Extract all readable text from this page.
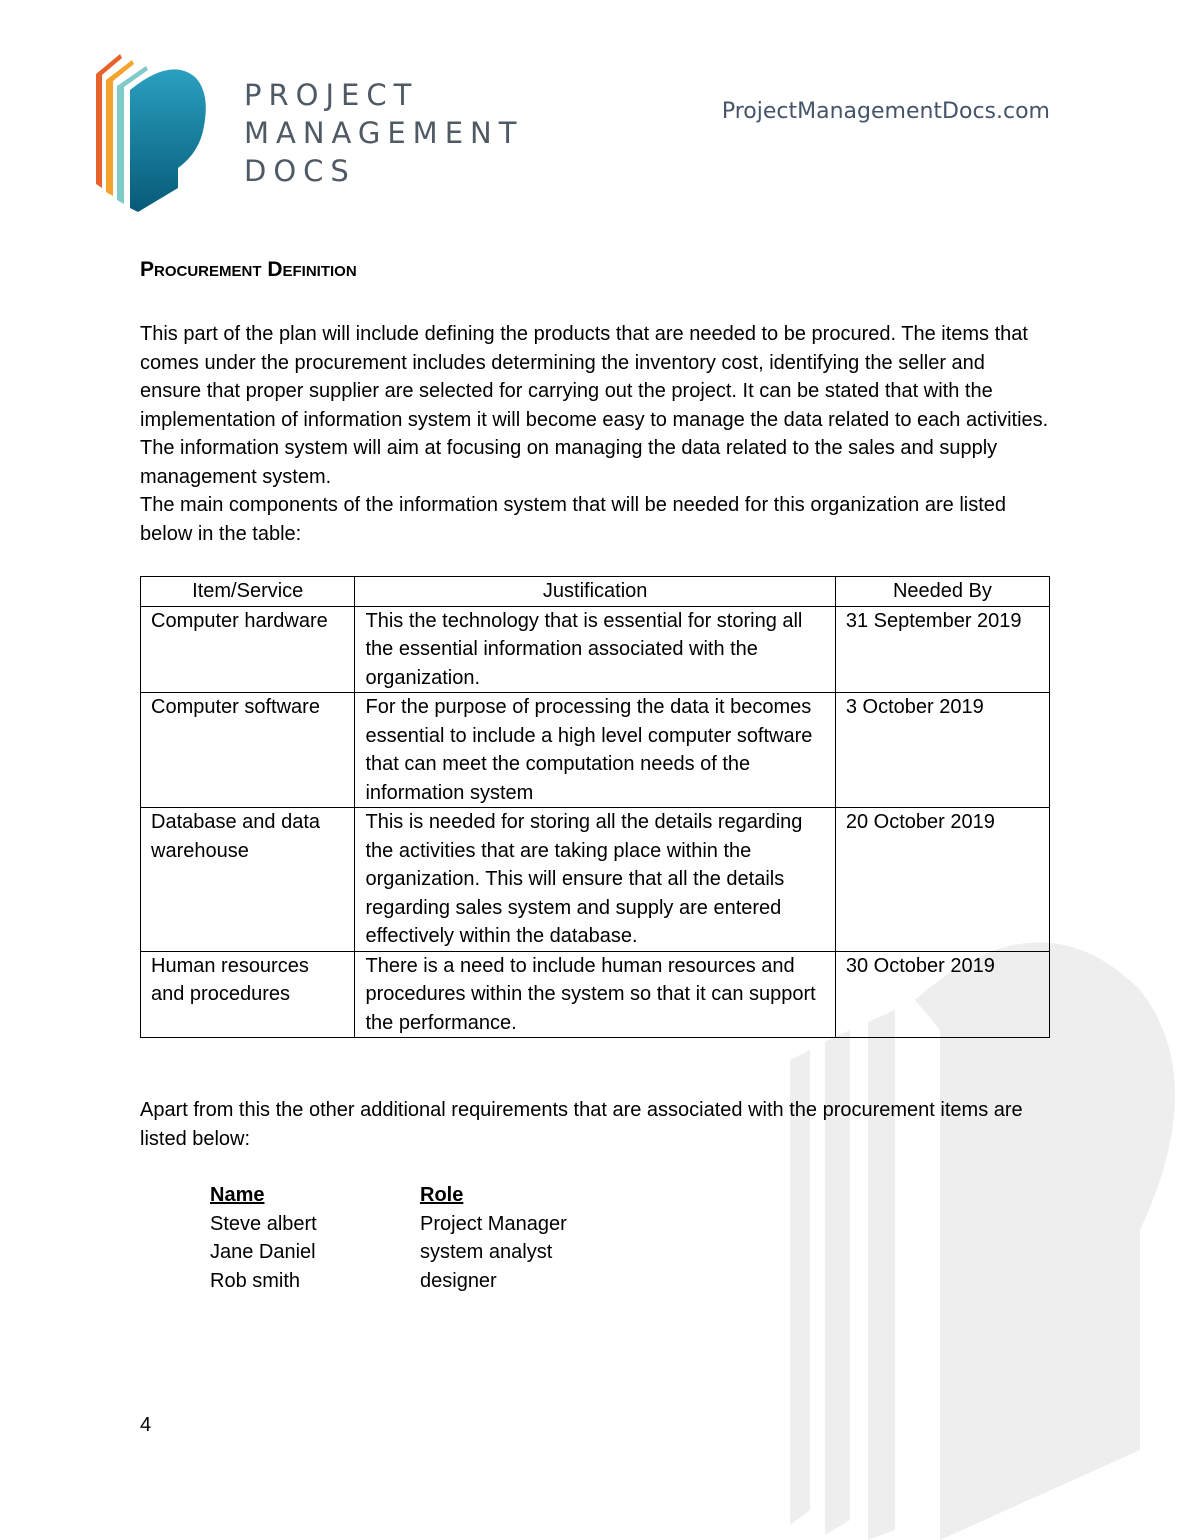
PROJECT
MANAGEMENT
DOCS
ProjectManagementDocs.com
Procurement Definition

This part of the plan will include defining the products that are needed to be procured. The items that comes under the procurement includes determining the inventory cost, identifying the seller and ensure that proper supplier are selected for carrying out the project. It can be stated that with the implementation of information system it will become easy to manage the data related to each activities. The information system will aim at focusing on managing the data related to the sales and supply management system.

The main components of the information system that will be needed for this organization are listed below in the table:

Item/Service	Justification	Needed By
Computer hardware	This the technology that is essential for storing all the essential information associated with the organization.	31 September 2019
Computer software	For the purpose of processing the data it becomes essential to include a high level computer software that can meet the computation needs of the information system	3 October 2019
Database and data warehouse	This is needed for storing all the details regarding the activities that are taking place within the organization. This will ensure that all the details regarding sales system and supply are entered effectively within the database.	20 October 2019
Human resources and procedures	There is a need to include human resources and procedures within the system so that it can support the performance.	30 October 2019

Apart from this the other additional requirements that are associated with the procurement items are listed below:

Name	Role
Steve albert	Project Manager
Jane Daniel	system analyst
Rob smith	designer
4
